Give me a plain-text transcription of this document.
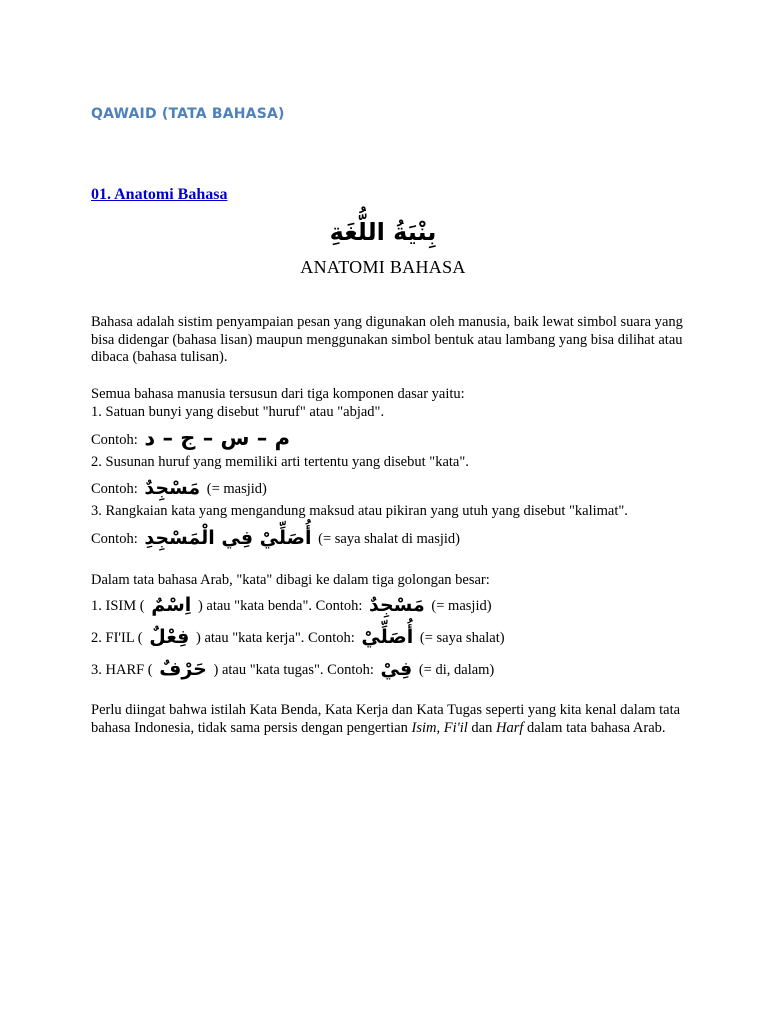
QAWAID (TATA BAHASA)
01. Anatomi Bahasa
بِنْيَةُ اللُّغَةِ
ANATOMI BAHASA
Bahasa adalah sistim penyampaian pesan yang digunakan oleh manusia, baik lewat simbol suara yang bisa didengar (bahasa lisan) maupun menggunakan simbol bentuk atau lambang yang bisa dilihat atau dibaca (bahasa tulisan).
Semua bahasa manusia tersusun dari tiga komponen dasar yaitu:
1. Satuan bunyi yang disebut "huruf" atau "abjad".
Contoh: م – س – ج – د
2. Susunan huruf yang memiliki arti tertentu yang disebut "kata".
Contoh: مَسْجِدٌ (= masjid)
3. Rangkaian kata yang mengandung maksud atau pikiran yang utuh yang disebut "kalimat".
Contoh: أُصَلِّيْ فِي الْمَسْجِدِ (= saya shalat di masjid)
Dalam tata bahasa Arab, "kata" dibagi ke dalam tiga golongan besar:
1. ISIM ( اِسْمٌ ) atau "kata benda". Contoh: مَسْجِدٌ (= masjid)
2. FI'IL ( فِعْلٌ ) atau "kata kerja". Contoh: أُصَلِّيْ (= saya shalat)
3. HARF ( حَرْفٌ ) atau "kata tugas". Contoh: فِيْ (= di, dalam)
Perlu diingat bahwa istilah Kata Benda, Kata Kerja dan Kata Tugas seperti yang kita kenal dalam tata bahasa Indonesia, tidak sama persis dengan pengertian Isim, Fi'il dan Harf dalam tata bahasa Arab.
